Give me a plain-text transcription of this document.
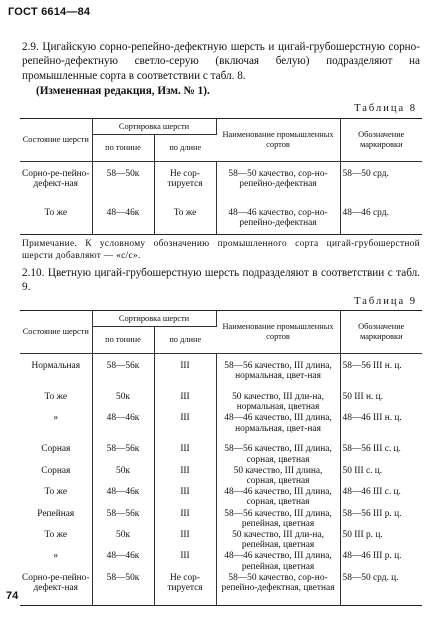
ГОСТ 6614—84
2.9. Цигайскую сорно-репейно-дефектную шерсть и цигай-грубошерстную сорно-репейно-дефектную светло-серую (включая белую) подразделяют на промышленные сорта в соответствии с табл. 8.
(Измененная редакция, Изм. № 1).
Таблица 8
Состояние шерсти	Сортировка шерсти		Наименование промышленных сортов	Обозначение маркировки
	по тонине	по длине		

Сорно-ре-пейно-дефект-ная	58—50к	Не сор-тируется	58—50 качество, сор-но-репейно-дефектная	58—50 срд.
То же	48—46к	То же	48—46 качество, сор-но-репейно-дефектная	48—46 срд.
Примечание. К условному обозначению промышленного сорта цигай-грубошерстной шерсти добавляют — «с/с».
2.10. Цветную цигай-грубошерстную шерсть подразделяют в соответствии с табл. 9.
Таблица 9
Состояние шерсти	Сортировка шерсти		Наименование промышленных сортов	Обозначение маркировки
	по тонине	по длине		

Нормальная	58—56к	III	58—56 качество, III длина, нормальная, цвет-ная	58—56 III н. ц.
То же	50к	III	50 качество, III дли-на, нормальная, цветная	50 III н. ц.
»	48—46к	III	48—46 качество, III длина, нормальная, цвет-ная	48—46 III н. ц.
Сорная	58—56к	III	58—56 качество, III длина, сорная, цветная	58—56 III с. ц.
Сорная	50к	III	50 качество, III длина, сорная, цветная	50 III с. ц.
То же	48—46к	III	48—46 качество, III длина, сорная, цветная	48—46 III с. ц.
Репейная	58—56к	III	58—56 качество, III длина, репейная, цветная	58—56 III р. ц.
То же	50к	III	50 качество, III дли-на, репейная, цветная	50 III р. ц.
»	48—46к	III	48—46 качество, III длина, репейная, цветная	48—46 III р. ц.
Сорно-ре-пейно-дефект-ная	58—50к	Не сор-тируется	58—50 качество, сор-но-репейно-дефектная, цветная	58—50 срд. ц.
74
